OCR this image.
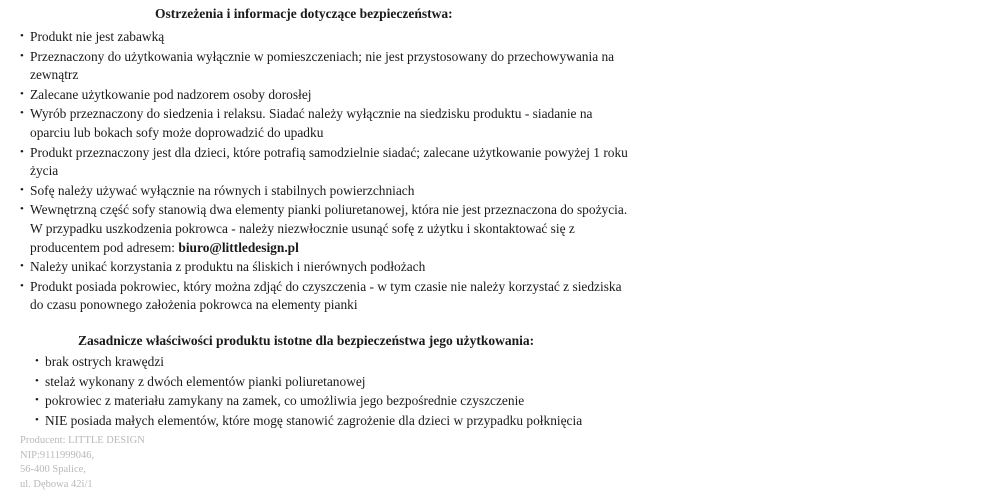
Ostrzeżenia i informacje dotyczące bezpieczeństwa:
• Produkt nie jest zabawką
• Przeznaczony do użytkowania wyłącznie w pomieszczeniach; nie jest przystosowany do przechowywania na zewnątrz
• Zalecane użytkowanie pod nadzorem osoby dorosłej
• Wyrób przeznaczony do siedzenia i relaksu. Siadać należy wyłącznie na siedzisku produktu - siadanie na oparciu lub bokach sofy może doprowadzić do upadku
• Produkt przeznaczony jest dla dzieci, które potrafią samodzielnie siadać; zalecane użytkowanie powyżej 1 roku życia
• Sofę należy używać wyłącznie na równych i stabilnych powierzchniach
• Wewnętrzną część sofy stanowią dwa elementy pianki poliuretanowej, która nie jest przeznaczona do spożycia. W przypadku uszkodzenia pokrowca - należy niezwłocznie usunąć sofę z użytku i skontaktować się z producentem pod adresem: biuro@littledesign.pl
• Należy unikać korzystania z produktu na śliskich i nierównych podłożach
• Produkt posiada pokrowiec, który można zdjąć do czyszczenia - w tym czasie nie należy korzystać z siedziska do czasu ponownego założenia pokrowca na elementy pianki
Zasadnicze właściwości produktu istotne dla bezpieczeństwa jego użytkowania:
• brak ostrych krawędzi
• stelaż wykonany z dwóch elementów pianki poliuretanowej
• pokrowiec z materiału zamykany na zamek, co umożliwia jego bezpośrednie czyszczenie
• NIE posiada małych elementów, które mogę stanowić zagrożenie dla dzieci w przypadku połknięcia
Producent: LITTLE DESIGN
NIP:9111999046,
56-400 Spalice,
ul. Dębowa 42i/1
